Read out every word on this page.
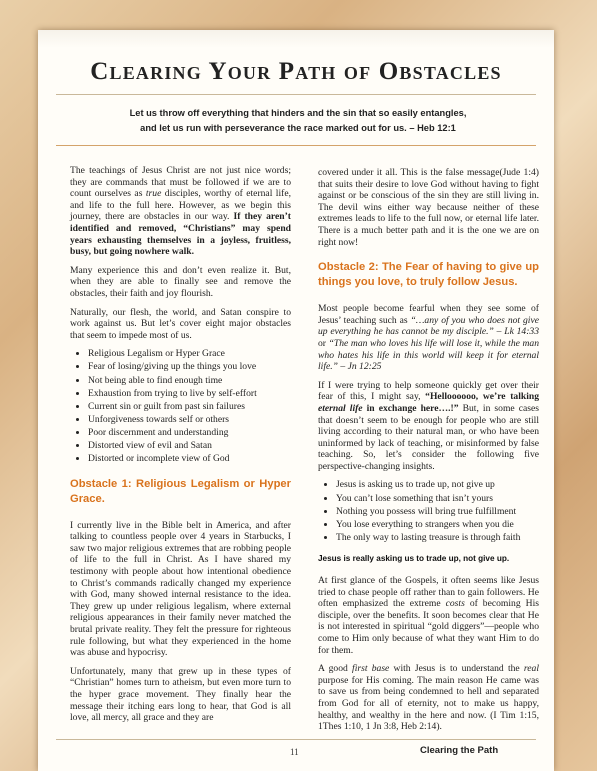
Clearing Your Path of Obstacles

Let us throw off everything that hinders and the sin that so easily entangles,
and let us run with perseverance the race marked out for us. – Heb 12:1

The teachings of Jesus Christ are not just nice words; they are commands that must be followed if we are to count ourselves as true disciples, worthy of eternal life, and life to the full here. However, as we begin this journey, there are obstacles in our way. If they aren’t identified and removed, “Christians” may spend years exhausting themselves in a joyless, fruitless, busy, but going nowhere walk.

Many experience this and don’t even realize it. But, when they are able to finally see and remove the obstacles, their faith and joy flourish.

Naturally, our flesh, the world, and Satan conspire to work against us. But let’s cover eight major obstacles that seem to impede most of us.

• Religious Legalism or Hyper Grace
• Fear of losing/giving up the things you love
• Not being able to find enough time
• Exhaustion from trying to live by self-effort
• Current sin or guilt from past sin failures
• Unforgiveness towards self or others
• Poor discernment and understanding
• Distorted view of evil and Satan
• Distorted or incomplete view of God
Obstacle 1: Religious Legalism or Hyper Grace.

I currently live in the Bible belt in America, and after talking to countless people over 4 years in Starbucks, I saw two major religious extremes that are robbing people of life to the full in Christ. As I have shared my testimony with people about how intentional obedience to Christ’s commands radically changed my experience with God, many showed internal resistance to the idea. They grew up under religious legalism, where external religious appearances in their family never matched the brutal private reality. They felt the pressure for righteous rule following, but what they experienced in the home was abuse and hypocrisy.

Unfortunately, many that grew up in these types of “Christian” homes turn to atheism, but even more turn to the hyper grace movement. They finally hear the message their itching ears long to hear, that God is all love, all mercy, all grace and they are

covered under it all. This is the false message(Jude 1:4) that suits their desire to love God without having to fight against or be conscious of the sin they are still living in. The devil wins either way because neither of these extremes leads to life to the full now, or eternal life later. There is a much better path and it is the one we are on right now!

Obstacle 2: The Fear of having to give up things you love, to truly follow Jesus.

Most people become fearful when they see some of Jesus’ teaching such as “…any of you who does not give up everything he has cannot be my disciple.” – Lk 14:33 or “The man who loves his life will lose it, while the man who hates his life in this world will keep it for eternal life.” – Jn 12:25

If I were trying to help someone quickly get over their fear of this, I might say, “Helloooooo, we’re talking eternal life in exchange here….!” But, in some cases that doesn’t seem to be enough for people who are still living according to their natural man, or who have been uninformed by lack of teaching, or misinformed by false teaching. So, let’s consider the following five perspective-changing insights.

• Jesus is asking us to trade up, not give up
• You can’t lose something that isn’t yours
• Nothing you possess will bring true fulfillment
• You lose everything to strangers when you die
• The only way to lasting treasure is through faith
Jesus is really asking us to trade up, not give up.

At first glance of the Gospels, it often seems like Jesus tried to chase people off rather than to gain followers. He often emphasized the extreme costs of becoming His disciple, over the benefits. It soon becomes clear that He is not interested in spiritual “gold diggers”—people who come to Him only because of what they want Him to do for them.

A good first base with Jesus is to understand the real purpose for His coming. The main reason He came was to save us from being condemned to hell and separated from God for all of eternity, not to make us happy, healthy, and wealthy in the here and now. (I Tim 1:15, 1Thes 1:10, 1 Jn 3:8, Heb 2:14).

11	Clearing the Path
